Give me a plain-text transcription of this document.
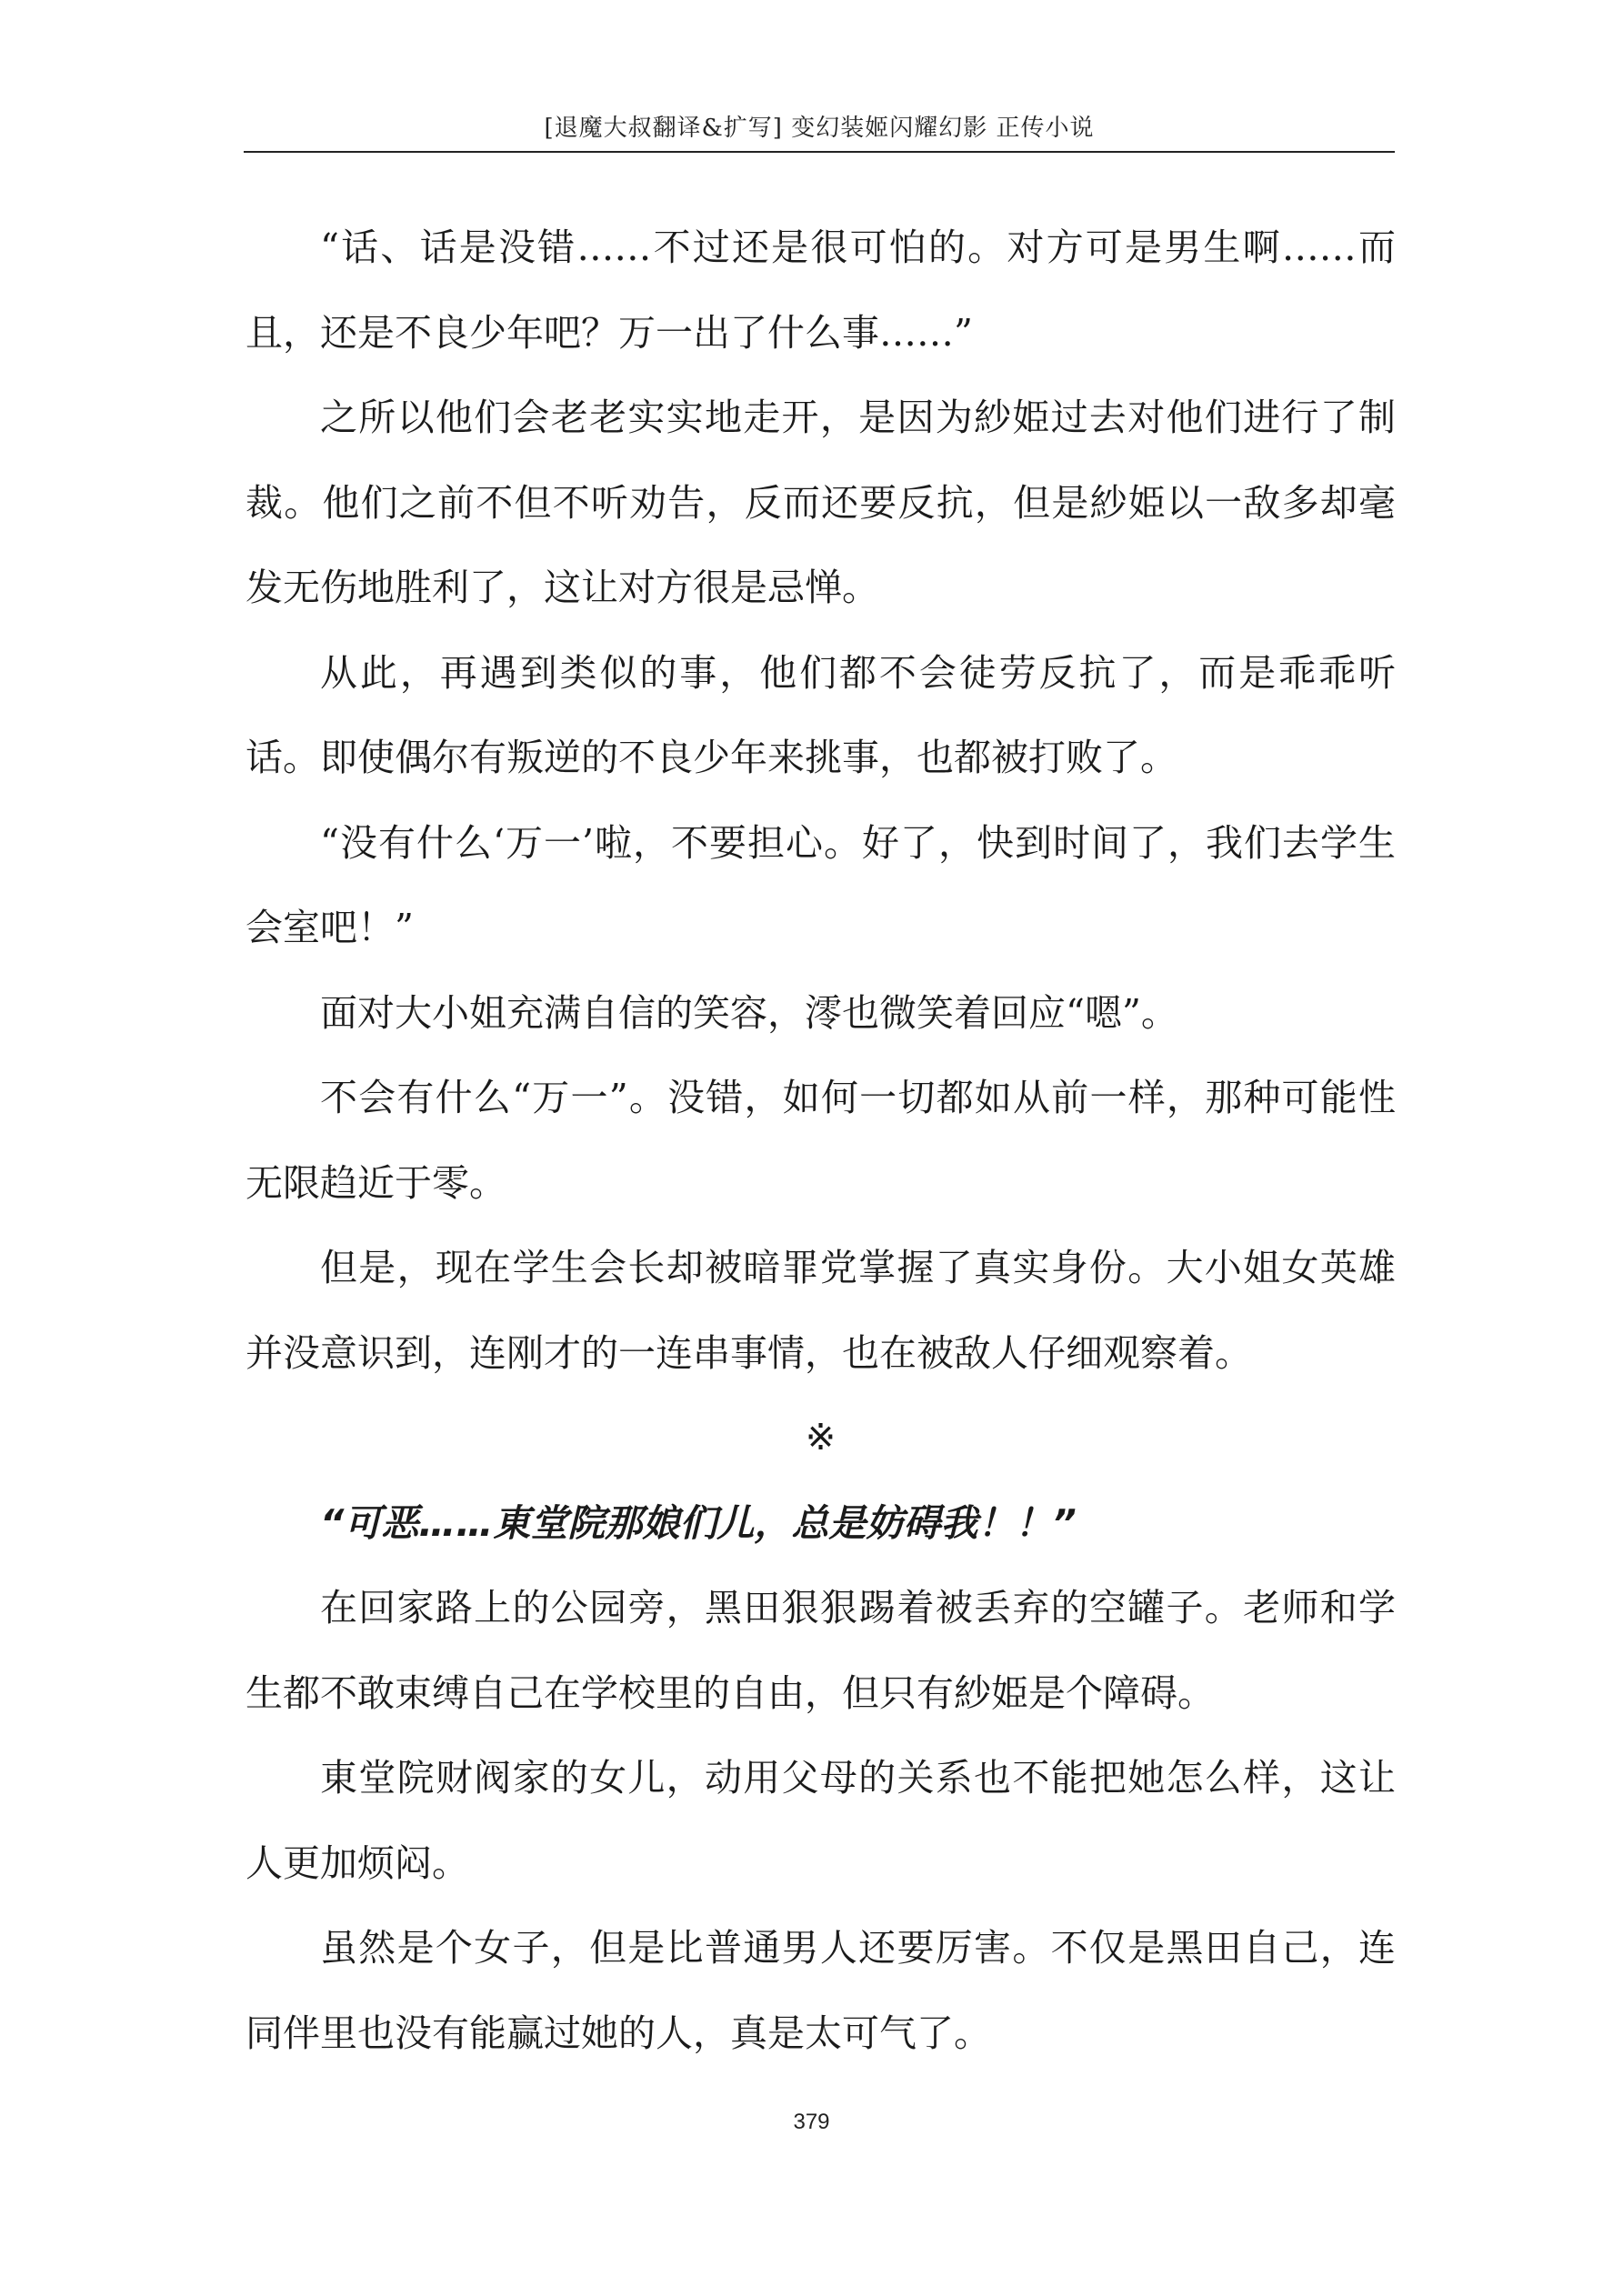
[退魔大叔翻译&扩写] 变幻装姬闪耀幻影 正传小说

“话、话是没错……不过还是很可怕的。对方可是男生啊……而且，还是不良少年吧？万一出了什么事……”

之所以他们会老老实实地走开，是因为紗姫过去对他们进行了制裁。他们之前不但不听劝告，反而还要反抗，但是紗姫以一敌多却毫发无伤地胜利了，这让对方很是忌惮。

从此，再遇到类似的事，他们都不会徒劳反抗了，而是乖乖听话。即使偶尔有叛逆的不良少年来挑事，也都被打败了。

“没有什么‘万一’啦，不要担心。好了，快到时间了，我们去学生会室吧！”

面对大小姐充满自信的笑容，澪也微笑着回应“嗯”。

不会有什么“万一”。没错，如何一切都如从前一样，那种可能性无限趋近于零。

但是，现在学生会长却被暗罪党掌握了真实身份。大小姐女英雄并没意识到，连刚才的一连串事情，也在被敌人仔细观察着。

※

“可恶……東堂院那娘们儿，总是妨碍我！！”

在回家路上的公园旁，黑田狠狠踢着被丢弃的空罐子。老师和学生都不敢束缚自己在学校里的自由，但只有紗姫是个障碍。

東堂院财阀家的女儿，动用父母的关系也不能把她怎么样，这让人更加烦闷。

虽然是个女子，但是比普通男人还要厉害。不仅是黑田自己，连同伴里也没有能赢过她的人，真是太可气了。

379
